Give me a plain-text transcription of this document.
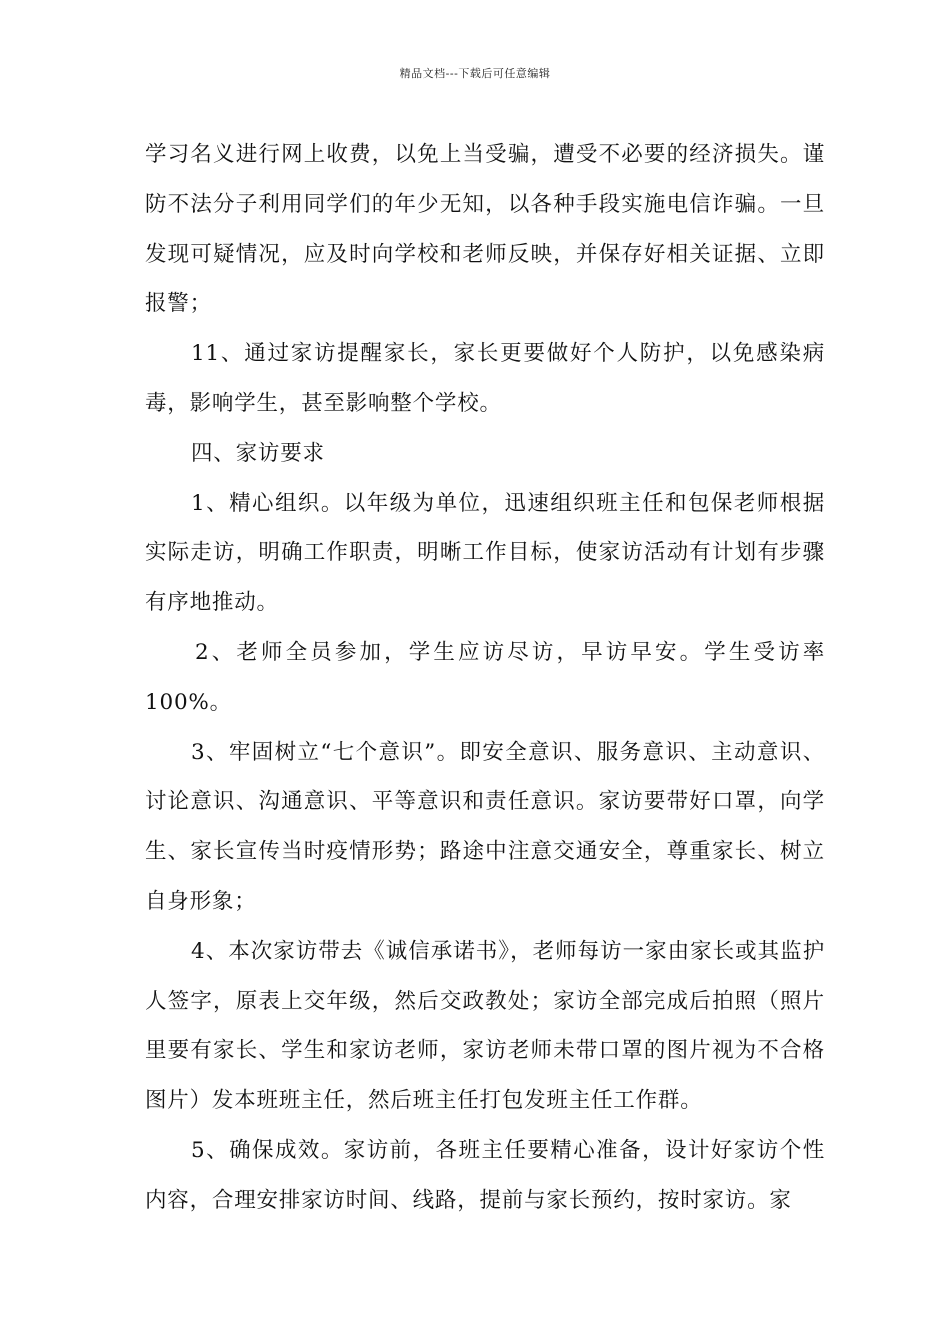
精品文档---下载后可任意编辑

学习名义进行网上收费，以免上当受骗，遭受不必要的经济损失。谨防不法分子利用同学们的年少无知，以各种手段实施电信诈骗。一旦发现可疑情况，应及时向学校和老师反映，并保存好相关证据、立即报警；

11、通过家访提醒家长，家长更要做好个人防护，以免感染病毒，影响学生，甚至影响整个学校。

四、家访要求

1、精心组织。以年级为单位，迅速组织班主任和包保老师根据实际走访，明确工作职责，明晰工作目标，使家访活动有计划有步骤有序地推动。

2、老师全员参加，学生应访尽访，早访早安。学生受访率100%。

3、牢固树立“七个意识”。即安全意识、服务意识、主动意识、讨论意识、沟通意识、平等意识和责任意识。家访要带好口罩，向学生、家长宣传当时疫情形势；路途中注意交通安全，尊重家长、树立自身形象；

4、本次家访带去《诚信承诺书》，老师每访一家由家长或其监护人签字，原表上交年级，然后交政教处；家访全部完成后拍照（照片里要有家长、学生和家访老师，家访老师未带口罩的图片视为不合格图片）发本班班主任，然后班主任打包发班主任工作群。

5、确保成效。家访前，各班主任要精心准备，设计好家访个性内容，合理安排家访时间、线路，提前与家长预约，按时家访。家
